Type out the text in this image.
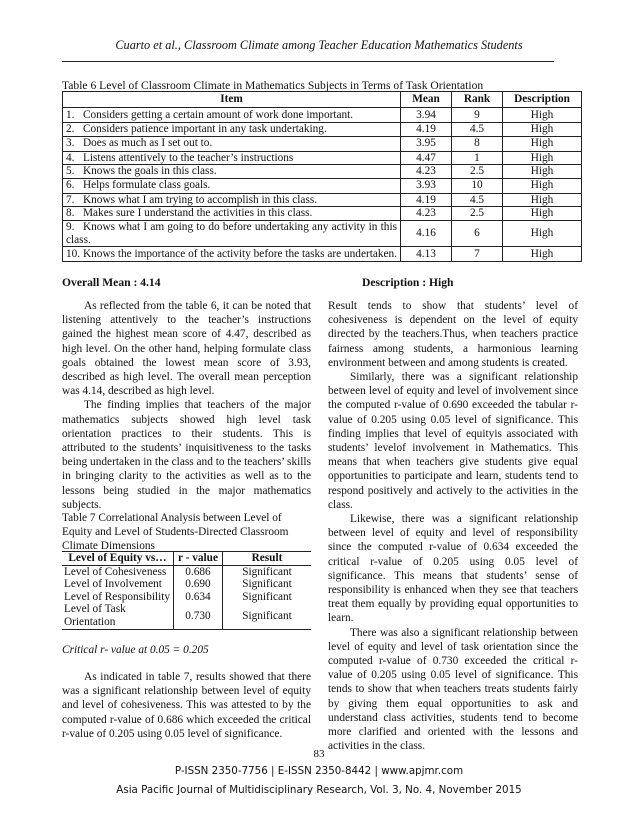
Cuarto et al., Classroom Climate among Teacher Education Mathematics Students
Table 6 Level of Classroom Climate in Mathematics Subjects in Terms of Task Orientation
Item	Mean	Rank	Description
1. Considers getting a certain amount of work done important.	3.94	9	High
2. Considers patience important in any task undertaking.	4.19	4.5	High
3. Does as much as I set out to.	3.95	8	High
4. Listens attentively to the teacher’s instructions	4.47	1	High
5. Knows the goals in this class.	4.23	2.5	High
6. Helps formulate class goals.	3.93	10	High
7. Knows what I am trying to accomplish in this class.	4.19	4.5	High
8. Makes sure I understand the activities in this class.	4.23	2.5	High
9. Knows what I am going to do before undertaking any activity in this class.	4.16	6	High
10. Knows the importance of the activity before the tasks are undertaken.	4.13	7	High
Overall Mean : 4.14	Description : High

As reflected from the table 6, it can be noted that listening attentively to the teacher’s instructions gained the highest mean score of 4.47, described as high level. On the other hand, helping formulate class goals obtained the lowest mean score of 3.93, described as high level. The overall mean perception was 4.14, described as high level.

The finding implies that teachers of the major mathematics subjects showed high level task orientation practices to their students. This is attributed to the students’ inquisitiveness to the tasks being undertaken in the class and to the teachers’ skills in bringing clarity to the activities as well as to the lessons being studied in the major mathematics subjects.

Table 7 Correlational Analysis between Level of Equity and Level of Students-Directed Classroom Climate Dimensions
Level of Equity vs…	r - value	Result
Level of Cohesiveness	0.686	Significant
Level of Involvement	0.690	Significant
Level of Responsibility	0.634	Significant
Level of Task Orientation	0.730	Significant
Critical r- value at 0.05 = 0.205

As indicated in table 7, results showed that there was a significant relationship between level of equity and level of cohesiveness. This was attested to by the computed r-value of 0.686 which exceeded the critical r-value of 0.205 using 0.05 level of significance.

Result tends to show that students’ level of cohesiveness is dependent on the level of equity directed by the teachers.Thus, when teachers practice fairness among students, a harmonious learning environment between and among students is created.

Similarly, there was a significant relationship between level of equity and level of involvement since the computed r-value of 0.690 exceeded the tabular r-value of 0.205 using 0.05 level of significance. This finding implies that level of equityis associated with students’ levelof involvement in Mathematics. This means that when teachers give students give equal opportunities to participate and learn, students tend to respond positively and actively to the activities in the class.

Likewise, there was a significant relationship between level of equity and level of responsibility since the computed r-value of 0.634 exceeded the critical r-value of 0.205 using 0.05 level of significance. This means that students’ sense of responsibility is enhanced when they see that teachers treat them equally by providing equal opportunities to learn.

There was also a significant relationship between level of equity and level of task orientation since the computed r-value of 0.730 exceeded the critical r-value of 0.205 using 0.05 level of significance. This tends to show that when teachers treats students fairly by giving them equal opportunities to ask and understand class activities, students tend to become more clarified and oriented with the lessons and activities in the class.

83
P-ISSN 2350-7756 | E-ISSN 2350-8442 | www.apjmr.com
Asia Pacific Journal of Multidisciplinary Research, Vol. 3, No. 4, November 2015
